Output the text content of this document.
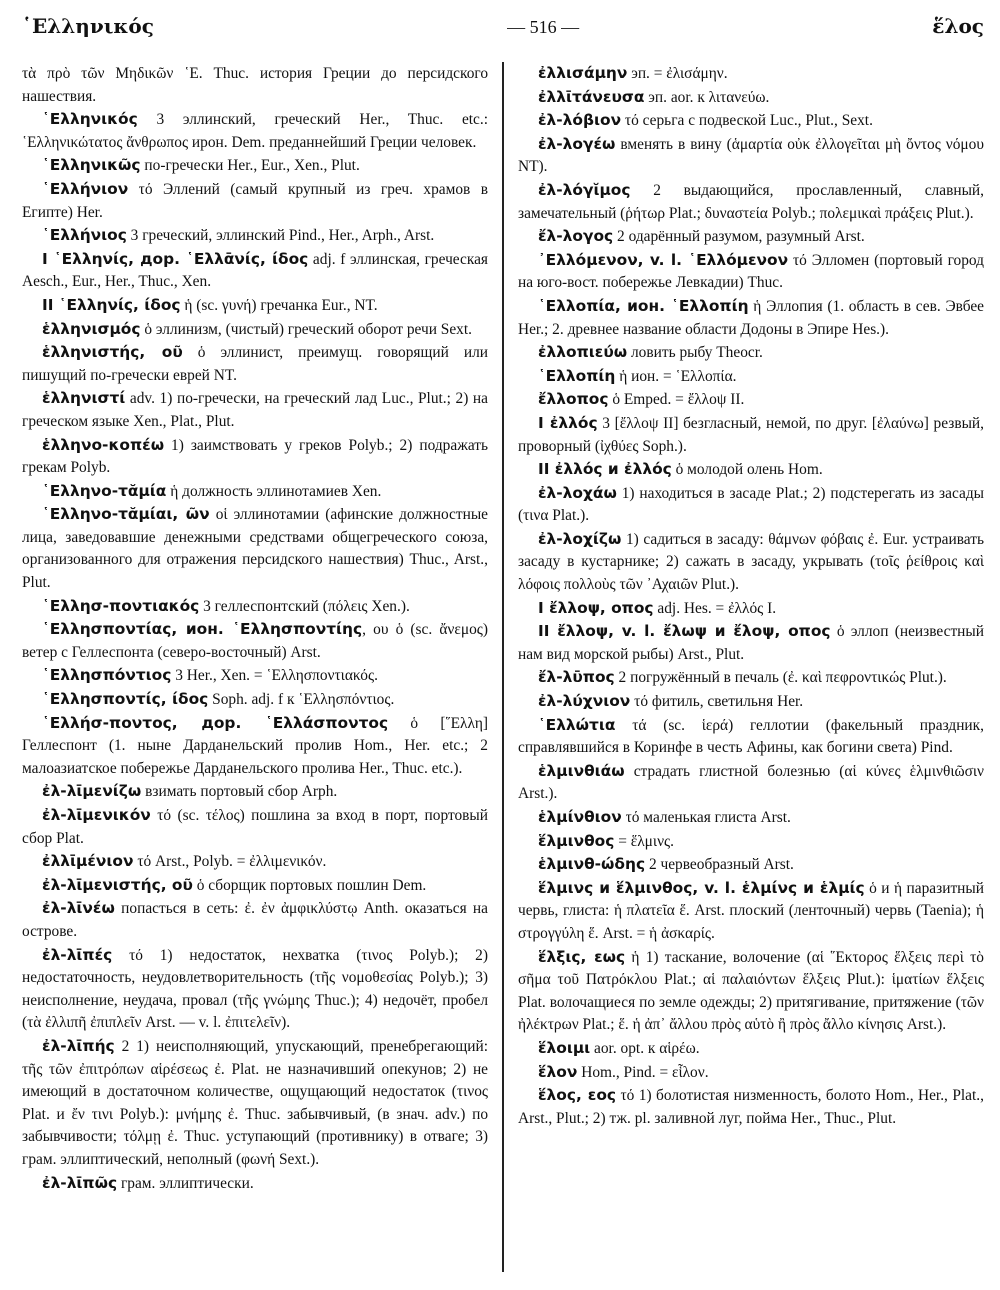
῾Ελληνικός	— 516 —	ἕλος

τὰ πρὸ τῶν Μηδικῶν ῾Ε. Thuc. история Греции до персидского нашествия.

῾Ελληνικός 3 эллинский, греческий Her., Thuc. etc.: ῾Ελληνικώτατος ἄνθρωπος ирон. Dem. преданнейший Греции человек.

῾Ελληνικῶς по-гречески Her., Eur., Xen., Plut.

῾Ελλήνιον τό Эллений (самый крупный из греч. храмов в Египте) Her.

῾Ελλήνιος 3 греческий, эллинский Pind., Her., Arph., Arst.

I ῾Ελληνίς, дор. ῾Ελλᾱνίς, ίδος adj. f эллинская, греческая Aesch., Eur., Her., Thuc., Xen.

II ῾Ελληνίς, ίδος ἡ (sc. γυνή) гречанка Eur., NT.

ἑλληνισμός ὁ эллинизм, (чистый) греческий оборот речи Sext.

ἑλληνιστής, οῦ ὁ эллинист, преимущ. говорящий или пишущий по-гречески еврей NT.

ἑλληνιστί adv. 1) по-гречески, на греческий лад Luc., Plut.; 2) на греческом языке Xen., Plat., Plut.

ἑλληνο-κοπέω 1) заимствовать у греков Polyb.; 2) подражать грекам Polyb.

῾Ελληνο-τᾰμία ἡ должность эллинотамиев Xen.

῾Ελληνο-τᾰμίαι, ῶν οἱ эллинотамии (афинские должностные лица, заведовавшие денежными средствами общегреческого союза, организованного для отражения персидского нашествия) Thuc., Arst., Plut.

῾Ελλησ-ποντιακός 3 геллеспонтский (πόλεις Xen.).

῾Ελλησποντίας, ион. ῾Ελλησποντίης, ου ὁ (sc. ἄνεμος) ветер с Геллеспонта (северо-восточный) Arst.

῾Ελλησπόντιος 3 Her., Xen. = ῾Ελλησποντιακός.

῾Ελλησποντίς, ίδος Soph. adj. f к ῾Ελλησπόντιος.

῾Ελλήσ-ποντος, дор. ῾Ελλάσποντος ὁ [῞Ελλη] Геллеспонт (1. ныне Дарданельский пролив Hom., Her. etc.; 2 малоазиатское побережье Дарданельского пролива Her., Thuc. etc.).

ἐλ-λῑμενίζω взимать портовый сбор Arph.

ἐλ-λῑμενικόν τό (sc. τέλος) пошлина за вход в порт, портовый сбор Plat.

ἐλλῑμένιον τό Arst., Polyb. = ἐλλιμενικόν.

ἐλ-λῑμενιστής, οῦ ὁ сборщик портовых пошлин Dem.

ἐλ-λῑνέω попасться в сеть: ἐ. ἐν ἀμφικλύστῳ Anth. оказаться на острове.

ἐλ-λῑπές τό 1) недостаток, нехватка (τινος Polyb.); 2) недостаточность, неудовлетворительность (τῆς νομοθεσίας Polyb.); 3) неисполнение, неудача, провал (τῆς γνώμης Thuc.); 4) недочёт, пробел (τὰ ἐλλιπῆ ἐπιπλεῖν Arst. — v. l. ἐπιτελεῖν).

ἐλ-λῑπής 2 1) неисполняющий, упускающий, пренебрегающий: τῆς τῶν ἐπιτρόπων αἱρέσεως ἐ. Plat. не назначивший опекунов; 2) не имеющий в достаточном количестве, ощущающий недостаток (τινος Plat. и ἔν τινι Polyb.): μνήμης ἐ. Thuc. забывчивый, (в знач. adv.) по забывчивости; τόλμῃ ἐ. Thuc. уступающий (противнику) в отваге; 3) грам. эллиптический, неполный (φωνή Sext.).

ἐλ-λῑπῶς грам. эллиптически.

ἐλλισάμην эп. = ἐλισάμην.

ἐλλῑτάνευσα эп. aor. к λιτανεύω.

ἐλ-λόβιον τό серьга с подвеской Luc., Plut., Sext.

ἐλ-λογέω вменять в вину (ἁμαρτία οὐκ ἐλλογεῖται μὴ ὄντος νόμου NT).

ἐλ-λόγῐμος 2 выдающийся, прославленный, славный, замечательный (ῥήτωρ Plat.; δυναστεία Polyb.; πολεμικαὶ πράξεις Plut.).

ἔλ-λογος 2 одарённый разумом, разумный Arst.

᾿Ελλόμενον, v. l. ῾Ελλόμενον τό Элломен (портовый город на юго-вост. побережье Левкадии) Thuc.

῾Ελλοπία, ион. ῾Ελλοπίη ἡ Эллопия (1. область в сев. Эвбее Her.; 2. древнее название области Додоны в Эпире Hes.).

ἐλλοπιεύω ловить рыбу Theocr.

῾Ελλοπίη ἡ ион. = ῾Ελλοπία.

ἔλλοπος ὁ Emped. = ἔλλοψ II.

I ἐλλός 3 [ἔλλοψ II] безгласный, немой, по друг. [ἐλαύνω] резвый, проворный (ἰχθύες Soph.).

II ἐλλός и ἐλλός ὁ молодой олень Hom.

ἐλ-λοχάω 1) находиться в засаде Plat.; 2) подстерегать из засады (τινα Plat.).

ἐλ-λοχίζω 1) садиться в засаду: θάμνων φόβαις ἐ. Eur. устраивать засаду в кустарнике; 2) сажать в засаду, укрывать (τοῖς ῥείθροις καὶ λόφοις πολλοὺς τῶν ᾿Αχαιῶν Plut.).

I ἔλλοψ, οπος adj. Hes. = ἐλλός I.

II ἔλλοψ, v. l. ἔλωψ и ἔλοψ, οπος ὁ эллоп (неизвестный нам вид морской рыбы) Arst., Plut.

ἔλ-λῡπος 2 погружённый в печаль (ἐ. καὶ πεφροντικώς Plut.).

ἐλ-λύχνιον τό фитиль, светильня Her.

῾Ελλώτια τά (sc. ἱερά) геллотии (факельный праздник, справлявшийся в Коринфе в честь Афины, как богини света) Pind.

ἑλμινθιάω страдать глистной болезнью (αἱ κύνες ἑλμινθιῶσιν Arst.).

ἑλμίνθιον τό маленькая глиста Arst.

ἕλμινθος = ἕλμινς.

ἑλμινθ-ώδης 2 червеобразный Arst.

ἕλμινς и ἕλμινθος, v. l. ἑλμίνς и ἑλμίς ὁ и ἡ паразитный червь, глиста: ἡ πλατεῖα ἕ. Arst. плоский (ленточный) червь (Taenia); ἡ στρογγύλη ἕ. Arst. = ἡ ἀσκαρίς.

ἕλξις, εως ἡ 1) таскание, волочение (αἱ ῞Εκτορος ἕλξεις περὶ τὸ σῆμα τοῦ Πατρόκλου Plat.; αἱ παλαιόντων ἕλξεις Plut.): ἱματίων ἕλξεις Plat. волочащиеся по земле одежды; 2) притягивание, притяжение (τῶν ἠλέκτρων Plat.; ἕ. ἡ ἀπ᾿ ἄλλου πρὸς αὑτὸ ἢ πρὸς ἄλλο κίνησις Arst.).

ἕλοιμι aor. opt. к αἱρέω.

ἕλον Hom., Pind. = εἷλον.

ἕλος, εος τό 1) болотистая низменность, болото Hom., Her., Plat., Arst., Plut.; 2) тж. pl. заливной луг, пойма Her., Thuc., Plut.
